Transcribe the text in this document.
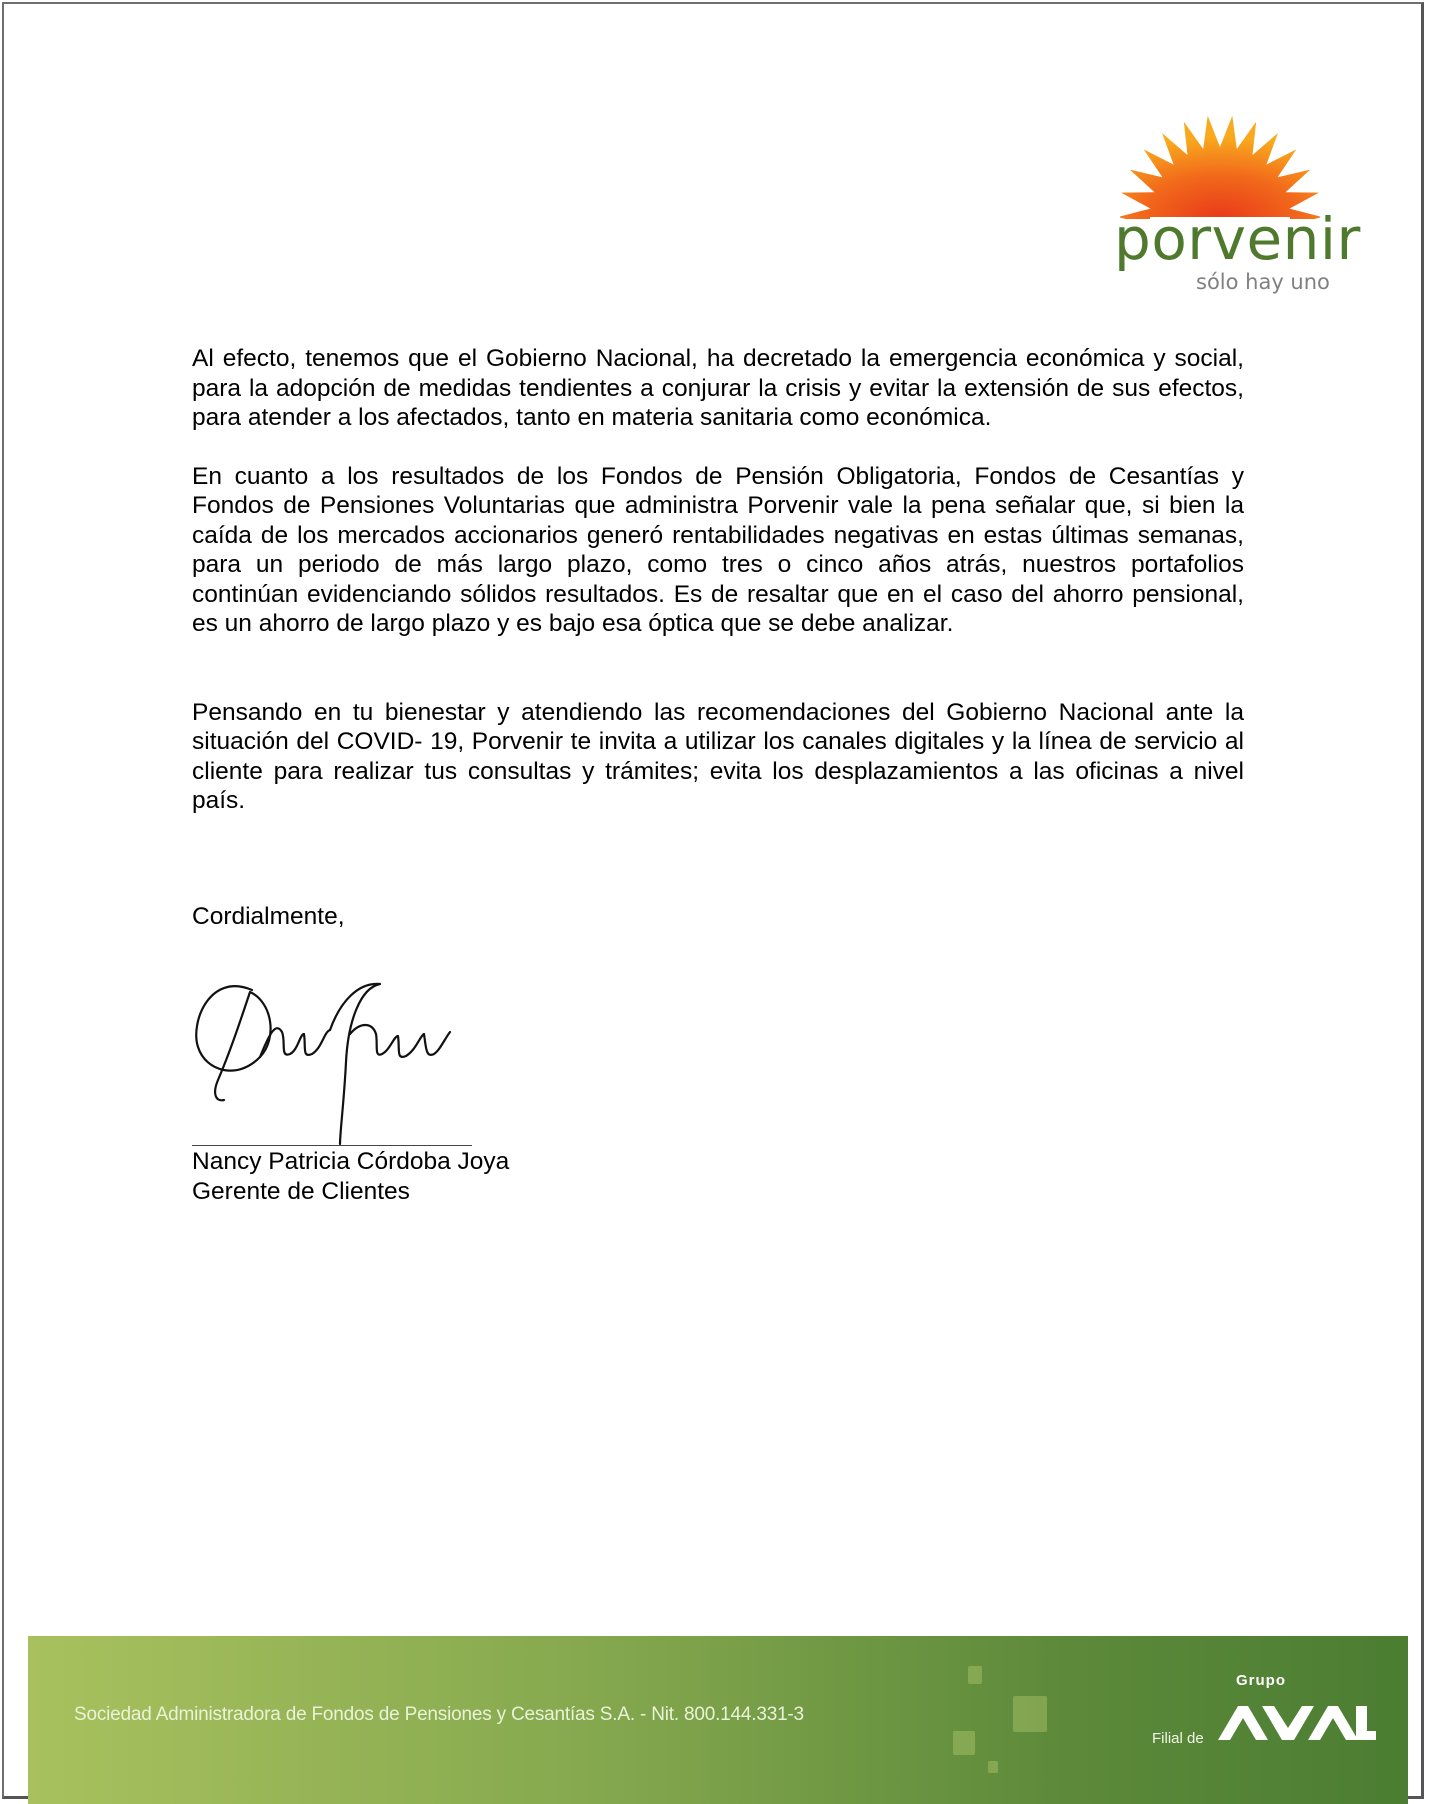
porvenir
sólo hay uno

Al efecto, tenemos que el Gobierno Nacional, ha decretado la emergencia económica y social, para la adopción de medidas tendientes a conjurar la crisis y evitar la extensión de sus efectos, para atender a los afectados, tanto en materia sanitaria como económica.

En cuanto a los resultados de los Fondos de Pensión Obligatoria, Fondos de Cesantías y Fondos de Pensiones Voluntarias que administra Porvenir vale la pena señalar que, si bien la caída de los mercados accionarios generó rentabilidades negativas en estas últimas semanas, para un periodo de más largo plazo, como tres o cinco años atrás, nuestros portafolios continúan evidenciando sólidos resultados. Es de resaltar que en el caso del ahorro pensional, es un ahorro de largo plazo y es bajo esa óptica que se debe analizar.

Pensando en tu bienestar y atendiendo las recomendaciones del Gobierno Nacional ante la situación del COVID- 19, Porvenir te invita a utilizar los canales digitales y la línea de servicio al cliente para realizar tus consultas y trámites; evita los desplazamientos a las oficinas a nivel país.

Cordialmente,
Nancy Patricia Córdoba Joya
Gerente de Clientes
Sociedad Administradora de Fondos de Pensiones y Cesantías S.A. - Nit. 800.144.331-3
Grupo
Filial de
